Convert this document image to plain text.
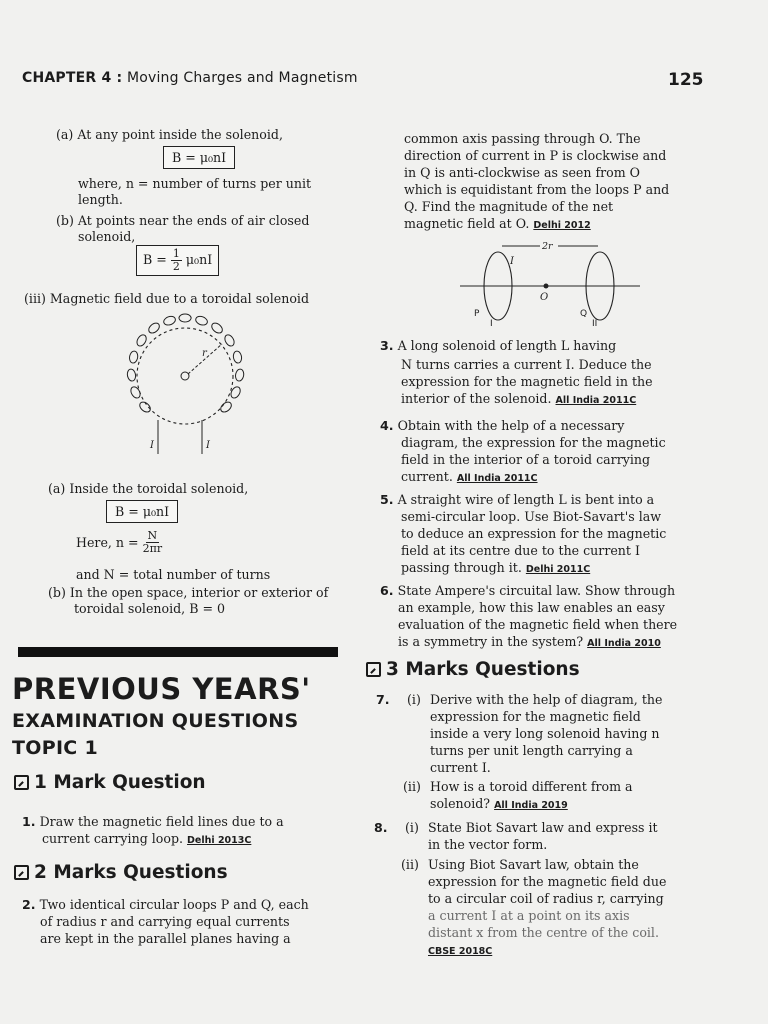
CHAPTER 4 : Moving Charges and Magnetism	125
(a) At any point inside the solenoid,
B = μ₀nI
where, n = number of turns per unit
length.
(b) At points near the ends of air closed
solenoid,
$B = \frac{1}{2} \mu_0nI$
(iii) Magnetic field due to a toroidal solenoid
r
I	I
(a) Inside the toroidal solenoid,
B = μ₀nI
Here, $n = \frac{N}{2\pi r}$
and N = total number of turns
(b) In the open space, interior or exterior of
toroidal solenoid, B = 0
PREVIOUS YEARS'
EXAMINATION QUESTIONS
TOPIC 1
1 Mark Question
1. Draw the magnetic field lines due to a
current carrying loop. Delhi 2013C
2 Marks Questions
2. Two identical circular loops P and Q, each
of radius r and carrying equal currents
are kept in the parallel planes having a
common axis passing through O. The
direction of current in P is clockwise and
in Q is anti-clockwise as seen from O
which is equidistant from the loops P and
Q. Find the magnitude of the net
magnetic field at O. Delhi 2012
2r
O
I
P	Q
I	II
3. A long solenoid of length L having
N turns carries a current I. Deduce the
expression for the magnetic field in the
interior of the solenoid. All India 2011C
4. Obtain with the help of a necessary
diagram, the expression for the magnetic
field in the interior of a toroid carrying
current. All India 2011C
5. A straight wire of length L is bent into a
semi-circular loop. Use Biot-Savart's law
to deduce an expression for the magnetic
field at its centre due to the current I
passing through it. Delhi 2011C
6. State Ampere's circuital law. Show through
an example, how this law enables an easy
evaluation of the magnetic field when there
is a symmetry in the system? All India 2010
3 Marks Questions
7. (i) Derive with the help of diagram, the
expression for the magnetic field
inside a very long solenoid having n
turns per unit length carrying a
current I.
(ii) How is a toroid different from a
solenoid? All India 2019
8. (i) State Biot Savart law and express it
in the vector form.
(ii) Using Biot Savart law, obtain the
expression for the magnetic field due
to a circular coil of radius r, carrying
a current I at a point on its axis
distant x from the centre of the coil.
CBSE 2018C
